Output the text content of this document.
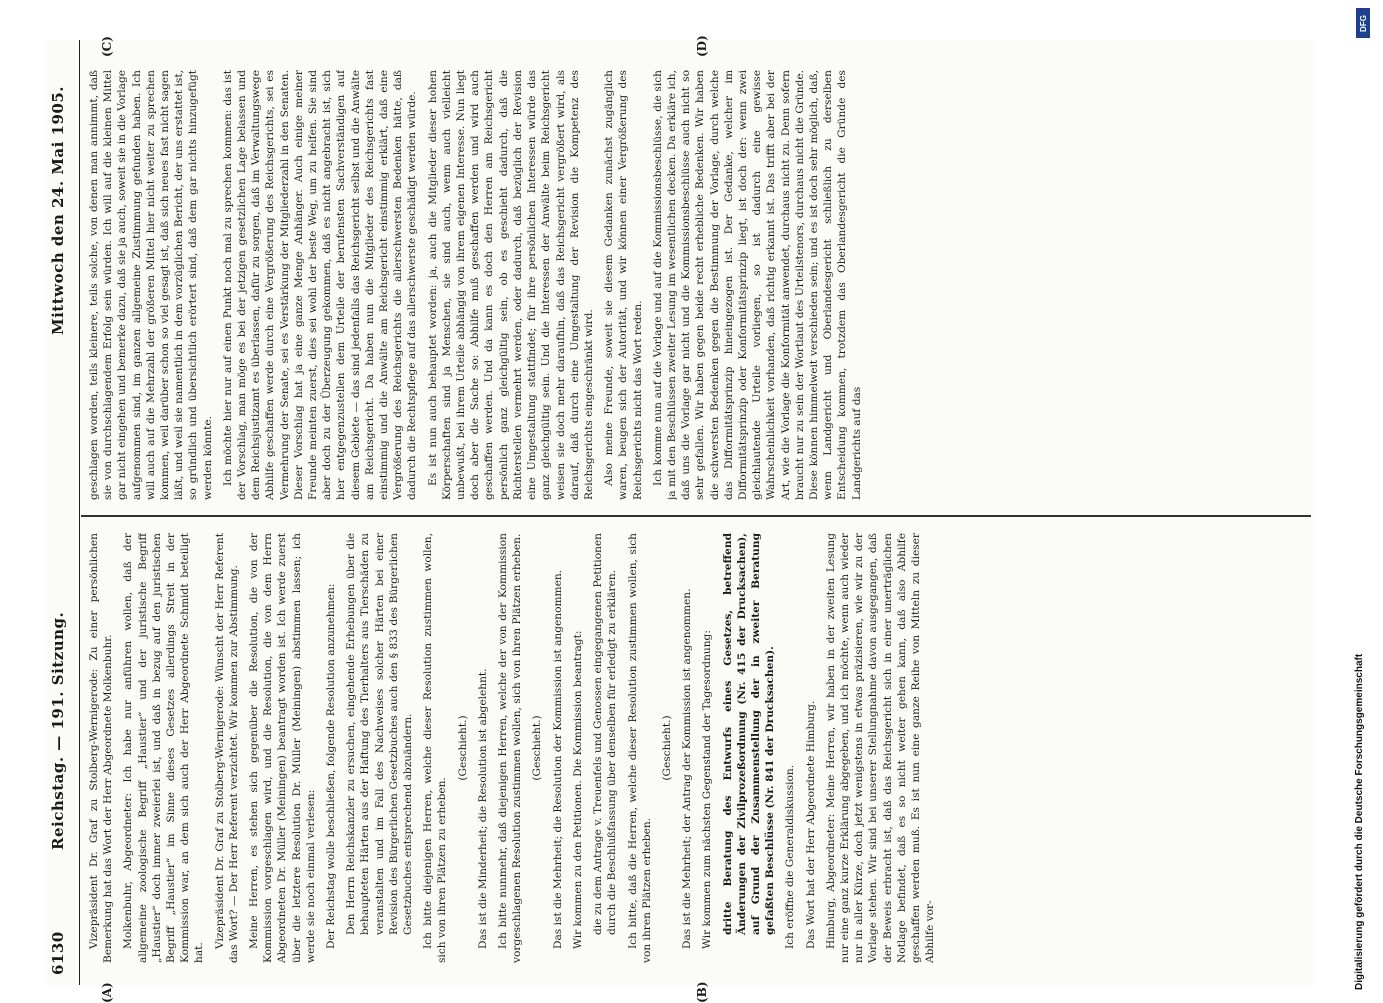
6130
Reichstag. — 191. Sitzung.
Mittwoch den 24. Mai 1905.
(A)	(B)
(C)	(D)

Vizepräsident Dr. Graf zu Stolberg-Wernigerode: Zu einer persönlichen Bemerkung hat das Wort der Herr Abgeordnete Molkenbuhr. Molkenbuhr, Abgeordneter: Ich habe nur anführen wollen, daß der allgemeine zoologische Begriff „Haustier“ und der juristische Begriff „Haustier“ doch immer zweierlei ist, und daß in bezug auf den juristischen Begriff „Haustier“ im Sinne dieses Gesetzes allerdings Streit in der Kommission war, an dem sich auch der Herr Abgeordnete Schmidt beteiligt hat.

Vizepräsident Dr. Graf zu Stolberg-Wernigerode: Wünscht der Herr Referent das Wort? — Der Herr Referent verzichtet. Wir kommen zur Abstimmung. Meine Herren, es stehen sich gegenüber die Resolution, die von der Kommission vorgeschlagen wird, und die Resolution, die von dem Herrn Abgeordneten Dr. Müller (Meiningen) beantragt worden ist. Ich werde zuerst über die letztere Resolution Dr. Müller (Meiningen) abstimmen lassen; ich werde sie noch einmal verlesen: Der Reichstag wolle beschließen, folgende Resolution anzunehmen: Den Herrn Reichskanzler zu ersuchen, eingehende Erhebungen über die behaupteten Härten aus der Haftung des Tierhalters aus Tierschäden zu veranstalten und im Fall des Nachweises solcher Härten bei einer Revision des Bürgerlichen Gesetzbuches auch den § 833 des Bürgerlichen Gesetzbuches entsprechend abzuändern. Ich bitte diejenigen Herren, welche dieser Resolution zustimmen wollen, sich von ihren Plätzen zu erheben.

(Geschieht.) Das ist die Minderheit; die Resolution ist abgelehnt. Ich bitte nunmehr, daß diejenigen Herren, welche der von der Kommission vorgeschlagenen Resolution zustimmen wollen, sich von ihren Plätzen erheben. (Geschieht.) Das ist die Mehrheit; die Resolution der Kommission ist angenommen. Wir kommen zu den Petitionen. Die Kommission beantragt: die zu dem Antrage v. Treuenfels und Genossen eingegangenen Petitionen durch die Beschlußfassung über denselben für erledigt zu erklären. Ich bitte, daß die Herren, welche dieser Resolution zustimmen wollen, sich von ihren Plätzen erheben.

(Geschieht.) Das ist die Mehrheit; der Antrag der Kommission ist angenommen. Wir kommen zum nächsten Gegenstand der Tagesordnung: dritte Beratung des Entwurfs eines Gesetzes, betreffend Änderungen der Zivilprozeßordnung (Nr. 415 der Drucksachen), auf Grund der Zusammenstellung der in zweiter Beratung gefaßten Beschlüsse (Nr. 841 der Drucksachen). Ich eröffne die Generaldiskussion. Das Wort hat der Herr Abgeordnete Himburg. Himburg, Abgeordneter: Meine Herren, wir haben in der zweiten Lesung nur eine ganz kurze Erklärung abgegeben, und ich möchte, wenn auch wieder nur in aller Kürze, doch jetzt wenigstens in etwas präzisieren, wie wir zu der Vorlage stehen. Wir sind bei unserer Stellungnahme davon ausgegangen, daß der Beweis erbracht ist, daß das Reichsgericht sich in einer unerträglichen Notlage befindet, daß es so nicht weiter gehen kann, daß also Abhilfe geschaffen werden muß. Es ist nun eine ganze Reihe von Mitteln zu dieser Abhilfe vor-

geschlagen worden, teils kleinere, teils solche, von denen man annimmt, daß sie von durchschlagendem Erfolg sein würden. Ich will auf die kleinen Mittel gar nicht eingehen und bemerke dazu, daß sie ja auch, soweit sie in die Vorlage aufgenommen sind, im ganzen allgemeine Zustimmung gefunden haben. Ich will auch auf die Mehrzahl der größeren Mittel hier nicht weiter zu sprechen kommen, weil darüber schon so viel gesagt ist, daß sich neues fast nicht sagen läßt, und weil sie namentlich in dem vorzüglichen Bericht, der uns erstattet ist, so gründlich und übersichtlich erörtert sind, daß dem gar nichts hinzugefügt werden könnte. Ich möchte hier nur auf einen Punkt noch mal zu sprechen kommen: das ist der Vorschlag, man möge es bei der jetzigen gesetzlichen Lage belassen und dem Reichsjustizamt es überlassen, dafür zu sorgen, daß im Verwaltungswege Abhilfe geschaffen werde durch eine Vergrößerung des Reichsgerichts, sei es Vermehrung der Senate, sei es Verstärkung der Mitgliederzahl in den Senaten. Dieser Vorschlag hat ja eine ganze Menge Anhänger. Auch einige meiner Freunde meinten zuerst, dies sei wohl der beste Weg, um zu helfen. Sie sind aber doch zu der Überzeugung gekommen, daß es nicht angebracht ist, sich hier entgegenzustellen dem Urteile der berufensten Sachverständigen auf diesem Gebiete — das sind jedenfalls das Reichsgericht selbst und die Anwälte am Reichsgericht. Da haben nun die Mitglieder des Reichsgerichts fast einstimmig und die Anwälte am Reichsgericht einstimmig erklärt, daß eine Vergrößerung des Reichsgerichts die allerschwersten Bedenken hätte, daß dadurch die Rechtspflege auf das allerschwerste geschädigt werden würde. Es ist nun auch behauptet worden: ja, auch die Mitglieder dieser hohen Körperschaften sind ja Menschen, sie sind auch, wenn auch vielleicht unbewußt, bei ihrem Urteile abhängig von ihrem eigenen Interesse. Nun liegt doch aber die Sache so: Abhilfe muß geschaffen werden und wird auch geschaffen werden. Und da kann es doch den Herren am Reichsgericht persönlich ganz gleichgültig sein, ob es geschieht dadurch, daß die Richterstellen vermehrt werden, oder dadurch, daß bezüglich der Revision eine Umgestaltung stattfindet; für ihre persönlichen Interessen würde das ganz gleichgültig sein. Und die Interessen der Anwälte beim Reichsgericht weisen sie doch mehr daraufhin, daß das Reichsgericht vergrößert wird, als darauf, daß durch eine Umgestaltung der Revision die Kompetenz des Reichsgerichts eingeschränkt wird. Also meine Freunde, soweit sie diesem Gedanken zunächst zugänglich waren, beugen sich der Autorität, und wir können einer Vergrößerung des Reichsgerichts nicht das Wort reden. Ich komme nun auf die Vorlage und auf die Kommissionsbeschlüsse, die sich ja mit den Beschlüssen zweiter Lesung im wesentlichen decken. Da erkläre ich, daß uns die Vorlage gar nicht und die Kommissionsbeschlüsse auch nicht so sehr gefallen. Wir haben gegen beide recht erhebliche Bedenken. Wir haben die schwersten Bedenken gegen die Bestimmung der Vorlage, durch welche das Difformitätsprinzip hineingezogen ist. Der Gedanke, welcher im Difformitätsprinzip oder Konformitätsprinzip liegt, ist doch der: wenn zwei gleichlautende Urteile vorliegen, so ist dadurch eine gewisse Wahrscheinlichkeit vorhanden, daß richtig erkannt ist. Das trifft aber bei der Art, wie die Vorlage die Konformität anwendet, durchaus nicht zu. Denn sofern braucht nur zu sein der Wortlaut des Urteilstenors, durchaus nicht die Gründe. Diese können himmelweit verschieden sein; und es ist doch sehr möglich, daß, wenn Landgericht und Oberlandesgericht schließlich zu derselben Entscheidung kommen, trotzdem das Oberlandesgericht die Gründe des Landgerichts auf das

Digitalisierung gefördert durch die Deutsche Forschungsgemeinschaft
DFG
